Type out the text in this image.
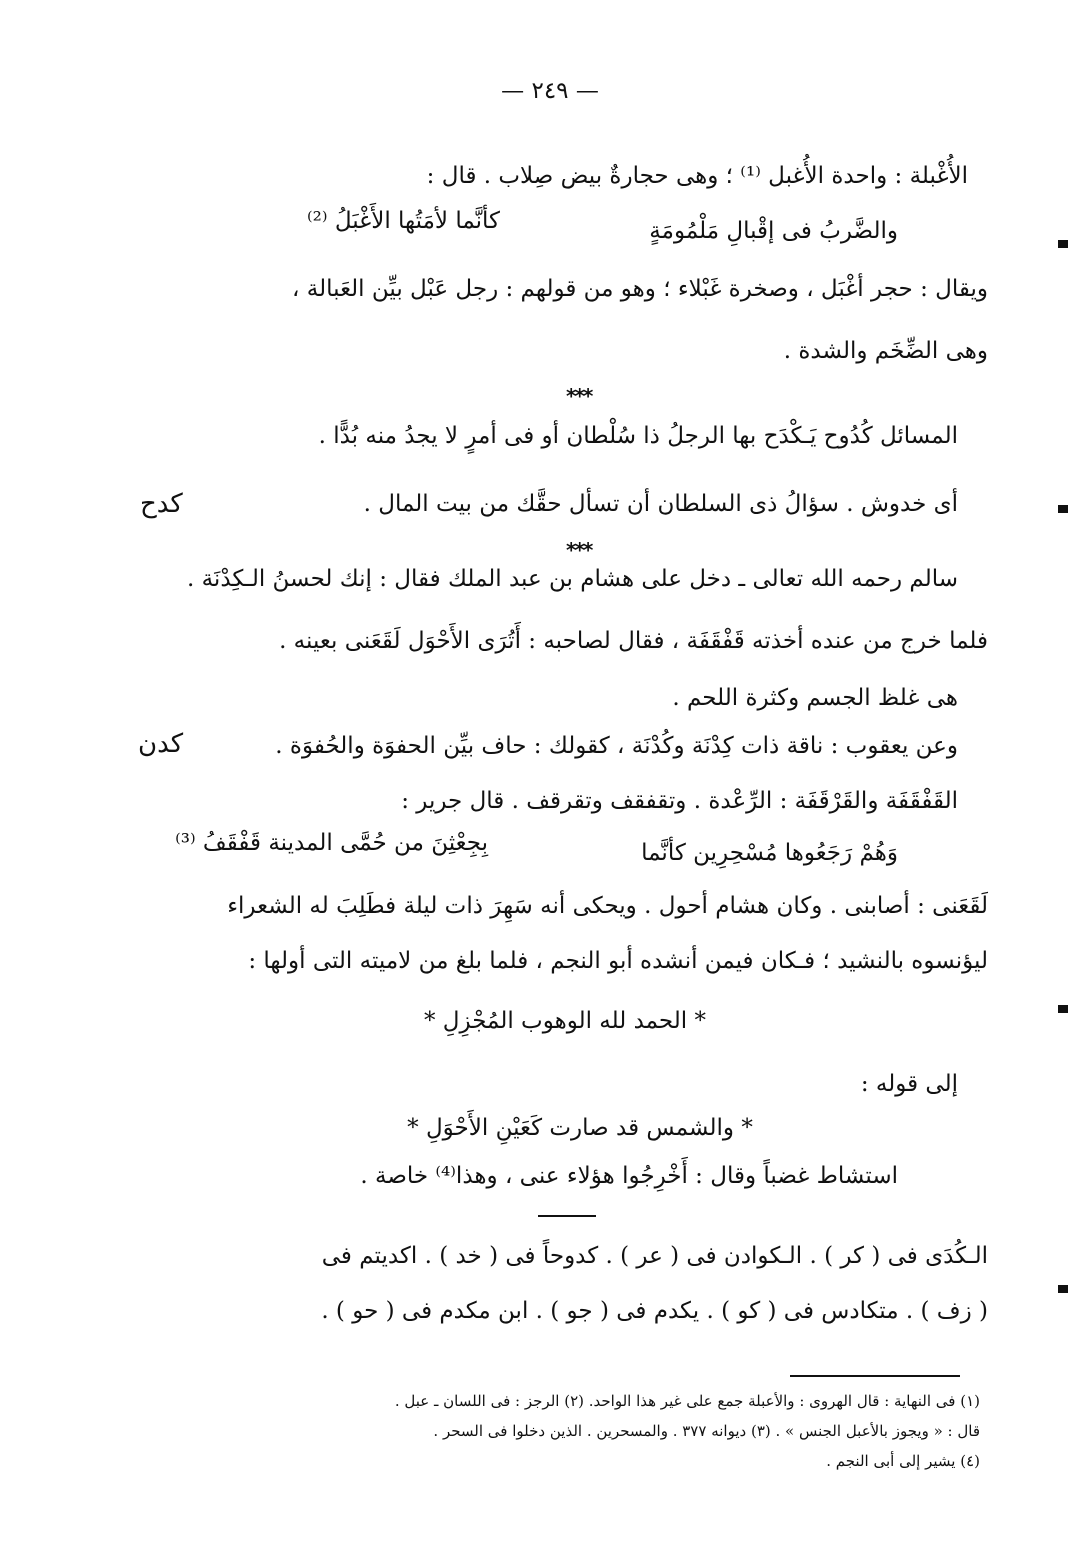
— ٢٤٩ —
الأُغْبلة : واحدة الأُغبل ⁽¹⁾ ؛ وهى حجارةٌ بيض صِلاب . قال :
والضَّربُ فى إقْبالِ مَلْمُومَةٍ
كأنَّما لأمَتُها الأَغْبَلُ ⁽²⁾
ويقال : حجر أغْبَل ، وصخرة غَبْلاء ؛ وهو من قولهم : رجل عَبْل بيِّن العَبالة ،
وهى الضِّخَم والشدة .
***
المسائل كُدُوح يَـكْدَح بها الرجلُ ذا سُلْطان أو فى أمرٍ لا يجدُ منه بُدًّا .
أى خدوش . سؤالُ ذى السلطان أن تسأل حقَّك من بيت المال .
كدح
***
سالم رحمه الله تعالى ـ دخل على هشام بن عبد الملك فقال : إنك لحسنُ الـكِدْنَة .
فلما خرج من عنده أخذته قَفْقَفَة ، فقال لصاحبه : أَتُرَى الأَحْوَل لَقَعَنى بعينه .
هى غلظ الجسم وكثرة اللحم .
وعن يعقوب : ناقة ذات كِدْنَة وكُدْنَة ، كقولك : حاف بيِّن الحفوَة والحُفوَة .
كدن
القَفْقَفَة والقَرْقَفَة : الرِّعْدة . وتقفقف وتقرقف . قال جرير :
وَهُمْ رَجَعُوها مُسْحِرِين كأنَّما
بِجِعْثِنَ من حُمَّى المدينة قَفْقَفُ ⁽³⁾
لَقَعَنى : أصابنى . وكان هشام أحول . ويحكى أنه سَهِرَ ذات ليلة فطَلِبَ له الشعراء
ليؤنسوه بالنشيد ؛ فـكان فيمن أنشده أبو النجم ، فلما بلغ من لاميته التى أولها :
* الحمد لله الوهوب المُجْزِلِ *
إلى قوله :
* والشمس قد صارت كَعَيْنِ الأَحْوَلِ *
استشاط غضباً وقال : أَخْرِجُوا هؤلاء عنى ، وهذا⁽⁴⁾ خاصة .
الـكُدَى فى ( كر ) . الـكوادن فى ( عر ) . كدوحاً فى ( خد ) . اكديتم فى
( زف ) . متكادس فى ( كو ) . يكدم فى ( جو ) . ابن مكدم فى ( حو ) .
(١) فى النهاية : قال الهروى : والأعبلة جمع على غير هذا الواحد. (٢) الرجز : فى اللسان ـ عبل .
قال : « ويجوز بالأعبل الجنس » . (٣) ديوانه ٣٧٧ . والمسحرين . الذين دخلوا فى السحر .
(٤) يشير إلى أبى النجم .
